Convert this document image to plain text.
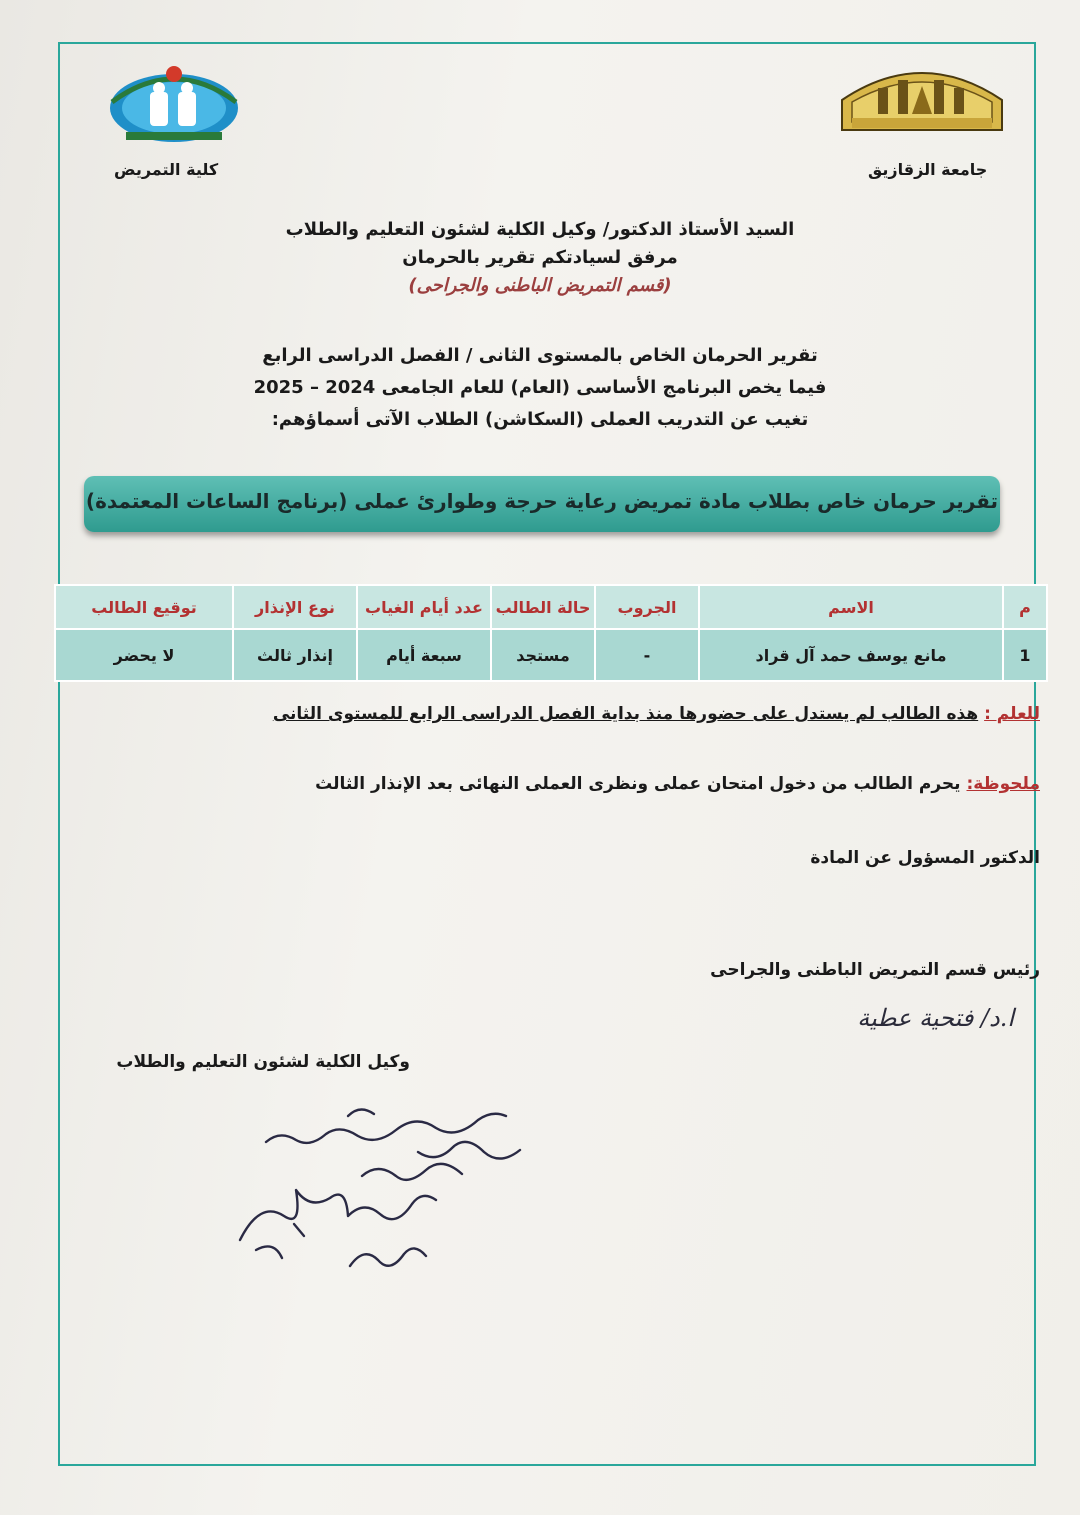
جامعة الزقازيق
كلية التمريض
السيد الأستاذ الدكتور/ وكيل الكلية لشئون التعليم والطلاب
مرفق لسيادتكم تقرير بالحرمان
(قسم التمريض الباطنى والجراحى)
تقرير الحرمان الخاص بالمستوى الثانى / الفصل الدراسى الرابع
فيما يخص البرنامج الأساسى (العام) للعام الجامعى 2024 – 2025
تغيب عن التدريب العملى (السكاشن) الطلاب الآتى أسماؤهم:
تقرير حرمان خاص بطلاب مادة تمريض رعاية حرجة وطوارئ عملى (برنامج الساعات المعتمدة)
م	الاسم	الجروب	حالة الطالب	عدد أيام الغياب	نوع الإنذار	توقيع الطالب
1	مانع يوسف حمد آل قراد	-	مستجد	سبعة أيام	إنذار ثالث	لا يحضر
للعلم : هذه الطالب لم يستدل على حضورها منذ بداية الفصل الدراسى الرابع للمستوى الثانى
ملحوظة: يحرم الطالب من دخول امتحان عملى ونظرى العملى النهائى بعد الإنذار الثالث
الدكتور المسؤول عن المادة
رئيس قسم التمريض الباطنى والجراحى
ا.د/ فتحية عطية
وكيل الكلية لشئون التعليم والطلاب
